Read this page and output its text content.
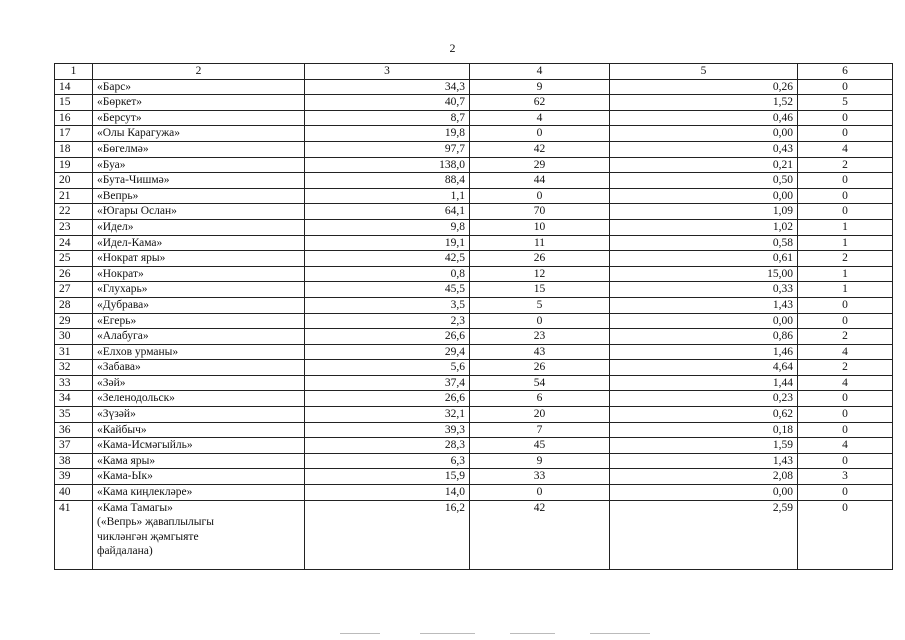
2
1	2	3	4	5	6
14	«Барс»	34,3	9	0,26	0
15	«Бөркет»	40,7	62	1,52	5
16	«Берсут»	8,7	4	0,46	0
17	«Олы Карагужа»	19,8	0	0,00	0
18	«Бөгелмә»	97,7	42	0,43	4
19	«Буа»	138,0	29	0,21	2
20	«Бута-Чишмә»	88,4	44	0,50	0
21	«Вепрь»	1,1	0	0,00	0
22	«Югары Ослан»	64,1	70	1,09	0
23	«Идел»	9,8	10	1,02	1
24	«Идел-Кама»	19,1	11	0,58	1
25	«Нократ яры»	42,5	26	0,61	2
26	«Нократ»	0,8	12	15,00	1
27	«Глухарь»	45,5	15	0,33	1
28	«Дубрава»	3,5	5	1,43	0
29	«Егерь»	2,3	0	0,00	0
30	«Алабуга»	26,6	23	0,86	2
31	«Елхов урманы»	29,4	43	1,46	4
32	«Забава»	5,6	26	4,64	2
33	«Зәй»	37,4	54	1,44	4
34	«Зеленодольск»	26,6	6	0,23	0
35	«Зүзәй»	32,1	20	0,62	0
36	«Кайбыч»	39,3	7	0,18	0
37	«Кама-Исмәгыйль»	28,3	45	1,59	4
38	«Кама яры»	6,3	9	1,43	0
39	«Кама-Ык»	15,9	33	2,08	3
40	«Кама киңлекләре»	14,0	0	0,00	0
41	«Кама Тамагы»
(«Вепрь» җаваплылыгы
чикләнгән җәмгыяте
файдалана)	16,2	42	2,59	0
